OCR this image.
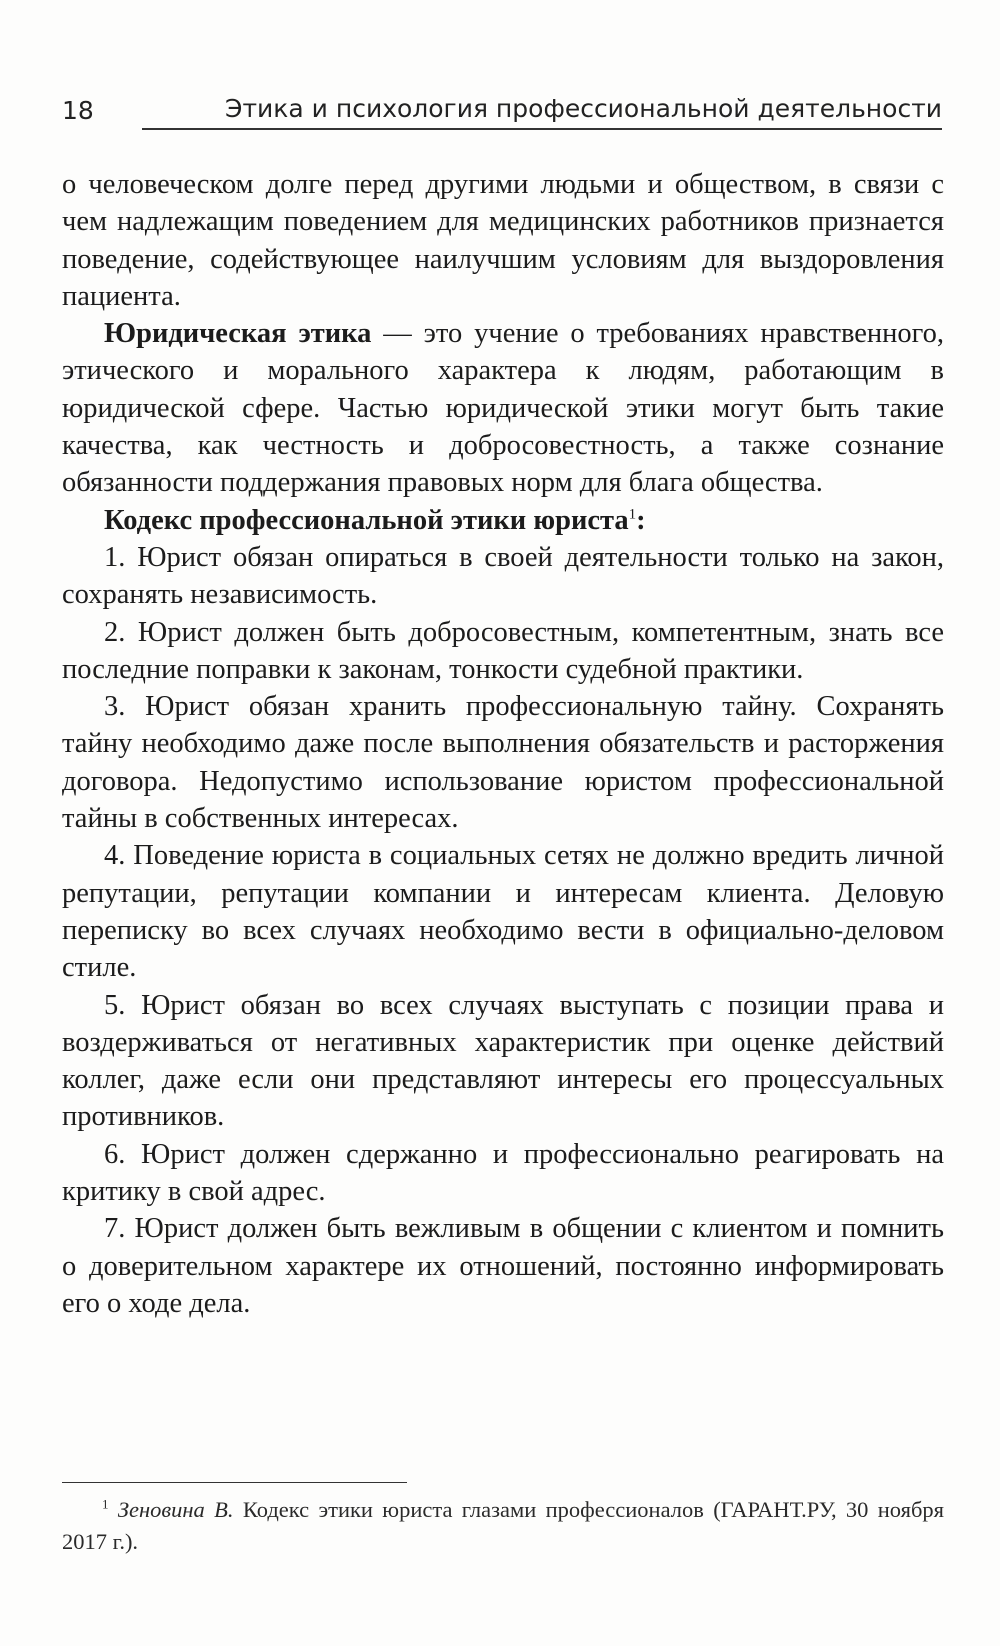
18	Этика и психология профессиональной деятельности

о человеческом долге перед другими людьми и обществом, в связи с чем надлежащим поведением для медицинских работников признается поведение, содействующее наилучшим условиям для выздоровления пациента.

Юридическая этика — это учение о требованиях нравственного, этического и морального характера к людям, работающим в юридической сфере. Частью юридической этики могут быть такие качества, как честность и добросовестность, а также сознание обязанности поддержания правовых норм для блага общества.

Кодекс профессиональной этики юриста$^1$:

1. Юрист обязан опираться в своей деятельности только на закон, сохранять независимость.

2. Юрист должен быть добросовестным, компетентным, знать все последние поправки к законам, тонкости судебной практики.

3. Юрист обязан хранить профессиональную тайну. Сохранять тайну необходимо даже после выполнения обязательств и расторжения договора. Недопустимо использование юристом профессиональной тайны в собственных интересах.

4. Поведение юриста в социальных сетях не должно вредить личной репутации, репутации компании и интересам клиента. Деловую переписку во всех случаях необходимо вести в официально-деловом стиле.

5. Юрист обязан во всех случаях выступать с позиции права и воздерживаться от негативных характеристик при оценке действий коллег, даже если они представляют интересы его процессуальных противников.

6. Юрист должен сдержанно и профессионально реагировать на критику в свой адрес.

7. Юрист должен быть вежливым в общении с клиентом и помнить о доверительном характере их отношений, постоянно информировать его о ходе дела.

$^1$ Зеновина В. Кодекс этики юриста глазами профессионалов (ГАРАНТ.РУ, 30 ноября 2017 г.).
